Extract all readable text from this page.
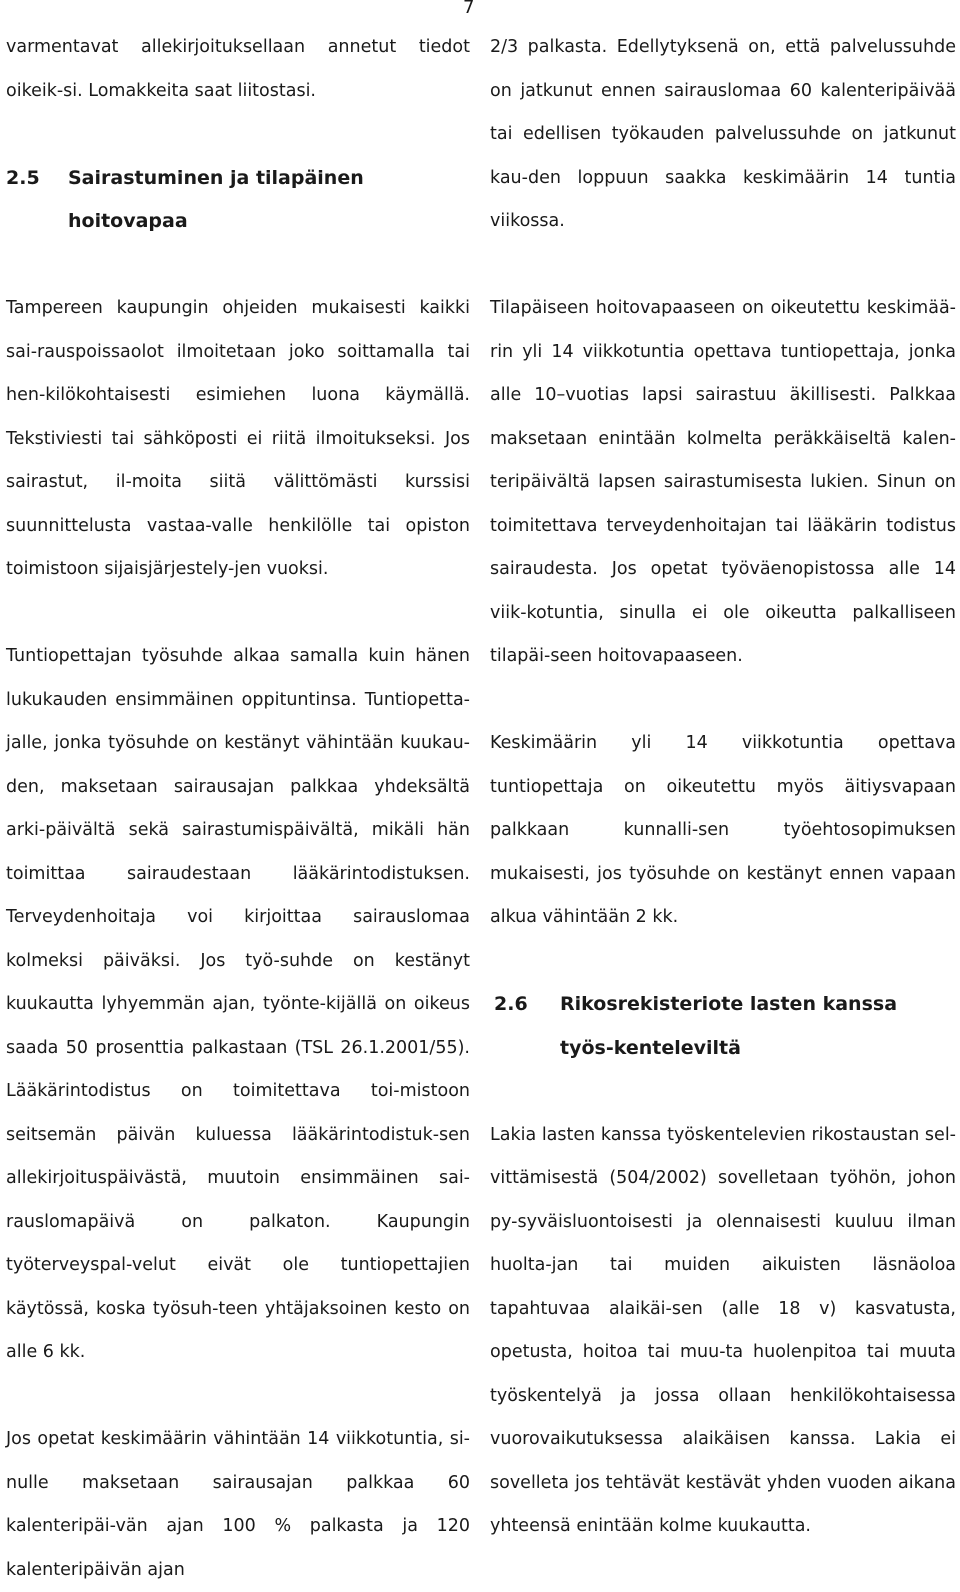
7

varmentavat allekirjoituksellaan annetut tiedot oikeik-si. Lomakkeita saat liitostasi.

2.5	Sairastuminen ja tilapäinen hoitovapaa

Tampereen kaupungin ohjeiden mukaisesti kaikki sai-rauspoissaolot ilmoitetaan joko soittamalla tai hen-kilökohtaisesti esimiehen luona käymällä. Tekstiviesti tai sähköposti ei riitä ilmoitukseksi. Jos sairastut, il-moita siitä välittömästi kurssisi suunnittelusta vastaa-valle henkilölle tai opiston toimistoon sijaisjärjestely-jen vuoksi.

Tuntiopettajan työsuhde alkaa samalla kuin hänen lukukauden ensimmäinen oppituntinsa. Tuntiopetta-jalle, jonka työsuhde on kestänyt vähintään kuukau-den, maksetaan sairausajan palkkaa yhdeksältä arki-päivältä sekä sairastumispäivältä, mikäli hän toimittaa sairaudestaan lääkärintodistuksen. Terveydenhoitaja voi kirjoittaa sairauslomaa kolmeksi päiväksi. Jos työ-suhde on kestänyt kuukautta lyhyemmän ajan, työnte-kijällä on oikeus saada 50 prosenttia palkastaan (TSL 26.1.2001/55). Lääkärintodistus on toimitettava toi-mistoon seitsemän päivän kuluessa lääkärintodistuk-sen allekirjoituspäivästä, muutoin ensimmäinen sai-rauslomapäivä on palkaton. Kaupungin työterveyspal-velut eivät ole tuntiopettajien käytössä, koska työsuh-teen yhtäjaksoinen kesto on alle 6 kk.

Jos opetat keskimäärin vähintään 14 viikkotuntia, si-nulle maksetaan sairausajan palkkaa 60 kalenteripäi-vän ajan 100 % palkasta ja 120 kalenteripäivän ajan

2/3 palkasta. Edellytyksenä on, että palvelussuhde on jatkunut ennen sairauslomaa 60 kalenteripäivää tai edellisen työkauden palvelussuhde on jatkunut kau-den loppuun saakka keskimäärin 14 tuntia viikossa.

Tilapäiseen hoitovapaaseen on oikeutettu keskimää-rin yli 14 viikkotuntia opettava tuntiopettaja, jonka alle 10–vuotias lapsi sairastuu äkillisesti. Palkkaa maksetaan enintään kolmelta peräkkäiseltä kalen-teripäivältä lapsen sairastumisesta lukien. Sinun on toimitettava terveydenhoitajan tai lääkärin todistus sairaudesta. Jos opetat työväenopistossa alle 14 viik-kotuntia, sinulla ei ole oikeutta palkalliseen tilapäi-seen hoitovapaaseen.

Keskimäärin yli 14 viikkotuntia opettava tuntiopettaja on oikeutettu myös äitiysvapaan palkkaan kunnalli-sen työehtosopimuksen mukaisesti, jos työsuhde on kestänyt ennen vapaan alkua vähintään 2 kk.

2.6	Rikosrekisteriote lasten kanssa työs-kenteleviltä

Lakia lasten kanssa työskentelevien rikostaustan sel-vittämisestä (504/2002) sovelletaan työhön, johon py-syväisluontoisesti ja olennaisesti kuuluu ilman huolta-jan tai muiden aikuisten läsnäoloa tapahtuvaa alaikäi-sen (alle 18 v) kasvatusta, opetusta, hoitoa tai muu-ta huolenpitoa tai muuta työskentelyä ja jossa ollaan henkilökohtaisessa vuorovaikutuksessa alaikäisen kanssa. Lakia ei sovelleta jos tehtävät kestävät yhden vuoden aikana yhteensä enintään kolme kuukautta.
